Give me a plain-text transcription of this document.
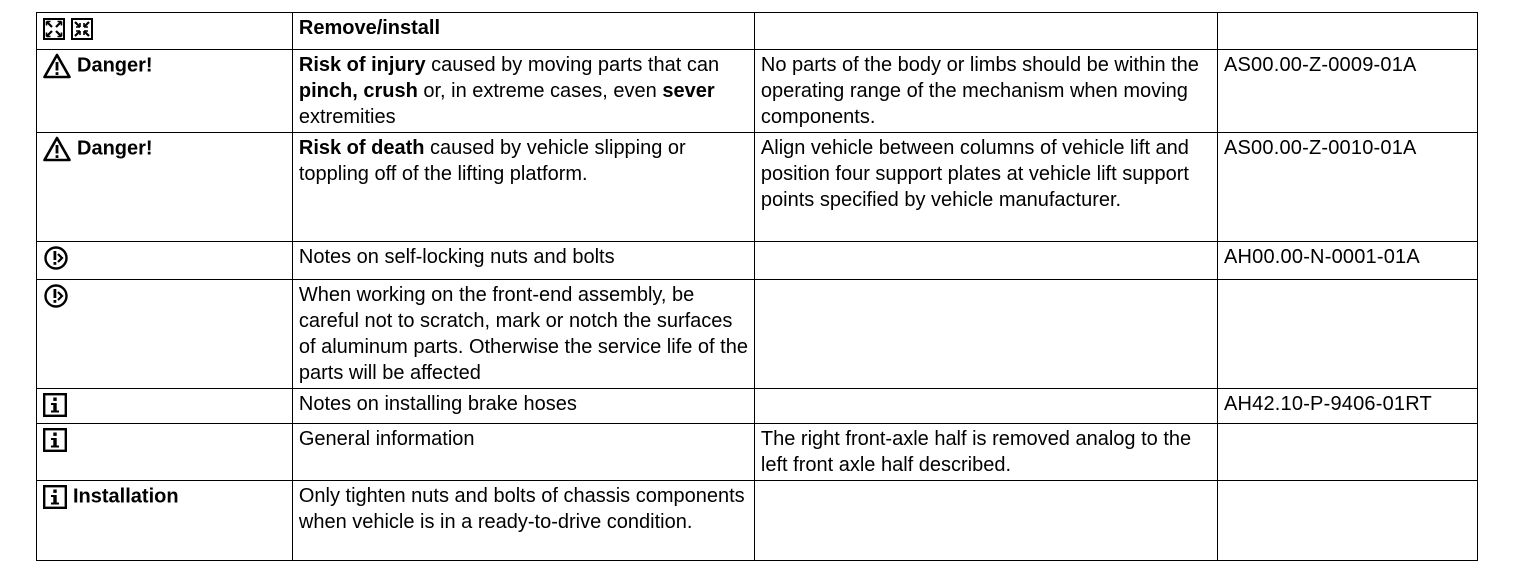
	Remove/install		
Danger!	Risk of injury caused by moving parts that can pinch, crush or, in extreme cases, even sever extremities	No parts of the body or limbs should be within the operating range of the mechanism when moving components.	AS00.00-Z-0009-01A
Danger!	Risk of death caused by vehicle slipping or toppling off of the lifting platform.	Align vehicle between columns of vehicle lift and position four support plates at vehicle lift support points specified by vehicle manufacturer.	AS00.00-Z-0010-01A
	Notes on self-locking nuts and bolts		AH00.00-N-0001-01A
	When working on the front-end assembly, be careful not to scratch, mark or notch the surfaces of aluminum parts. Otherwise the service life of the parts will be affected		
	Notes on installing brake hoses		AH42.10-P-9406-01RT
	General information	The right front-axle half is removed analog to the left front axle half described.	
Installation	Only tighten nuts and bolts of chassis components when vehicle is in a ready-to-drive condition.		
